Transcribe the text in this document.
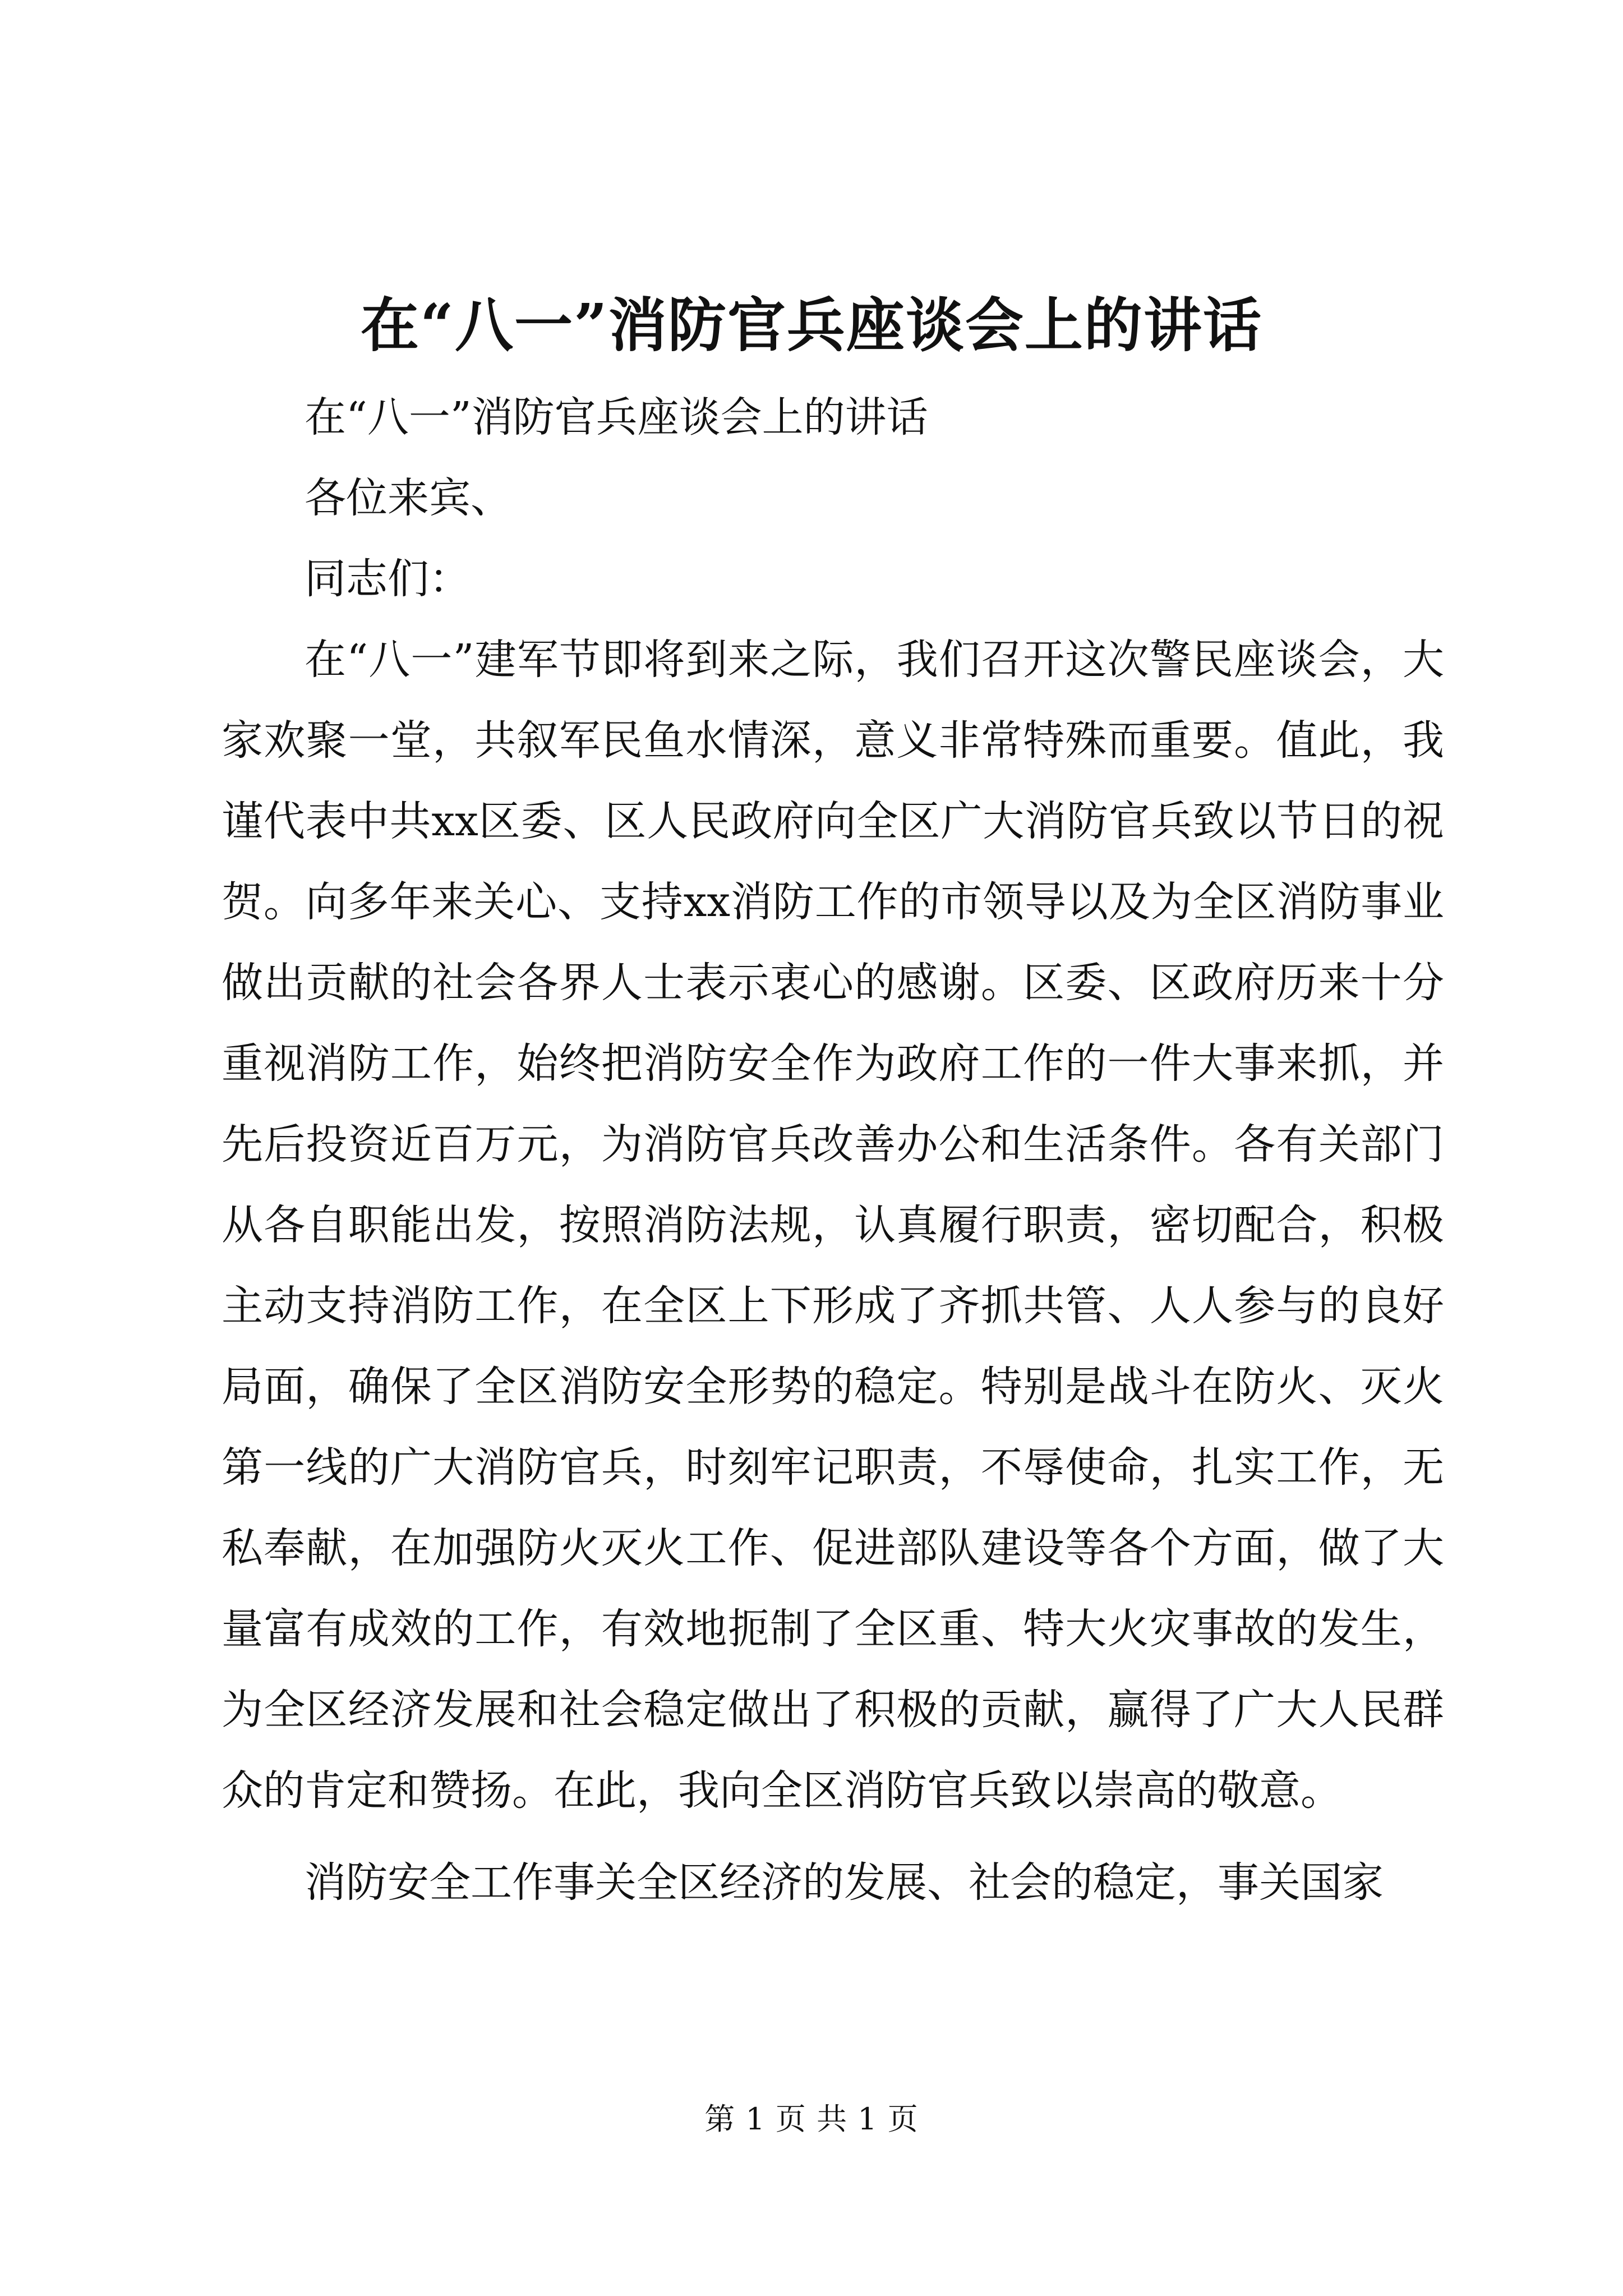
在“八一”消防官兵座谈会上的讲话

在“八一”消防官兵座谈会上的讲话

各位来宾、

同志们：

在“八一”建军节即将到来之际，我们召开这次警民座谈会，大家欢聚一堂，共叙军民鱼水情深，意义非常特殊而重要。值此，我谨代表中共xx区委、区人民政府向全区广大消防官兵致以节日的祝贺。向多年来关心、支持xx消防工作的市领导以及为全区消防事业做出贡献的社会各界人士表示衷心的感谢。区委、区政府历来十分重视消防工作，始终把消防安全作为政府工作的一件大事来抓，并先后投资近百万元，为消防官兵改善办公和生活条件。各有关部门从各自职能出发，按照消防法规，认真履行职责，密切配合，积极主动支持消防工作，在全区上下形成了齐抓共管、人人参与的良好局面，确保了全区消防安全形势的稳定。特别是战斗在防火、灭火第一线的广大消防官兵，时刻牢记职责，不辱使命，扎实工作，无私奉献，在加强防火灭火工作、促进部队建设等各个方面，做了大量富有成效的工作，有效地扼制了全区重、特大火灾事故的发生，为全区经济发展和社会稳定做出了积极的贡献，赢得了广大人民群众的肯定和赞扬。在此，我向全区消防官兵致以崇高的敬意。

消防安全工作事关全区经济的发展、社会的稳定，事关国家

第 1 页 共 1 页
